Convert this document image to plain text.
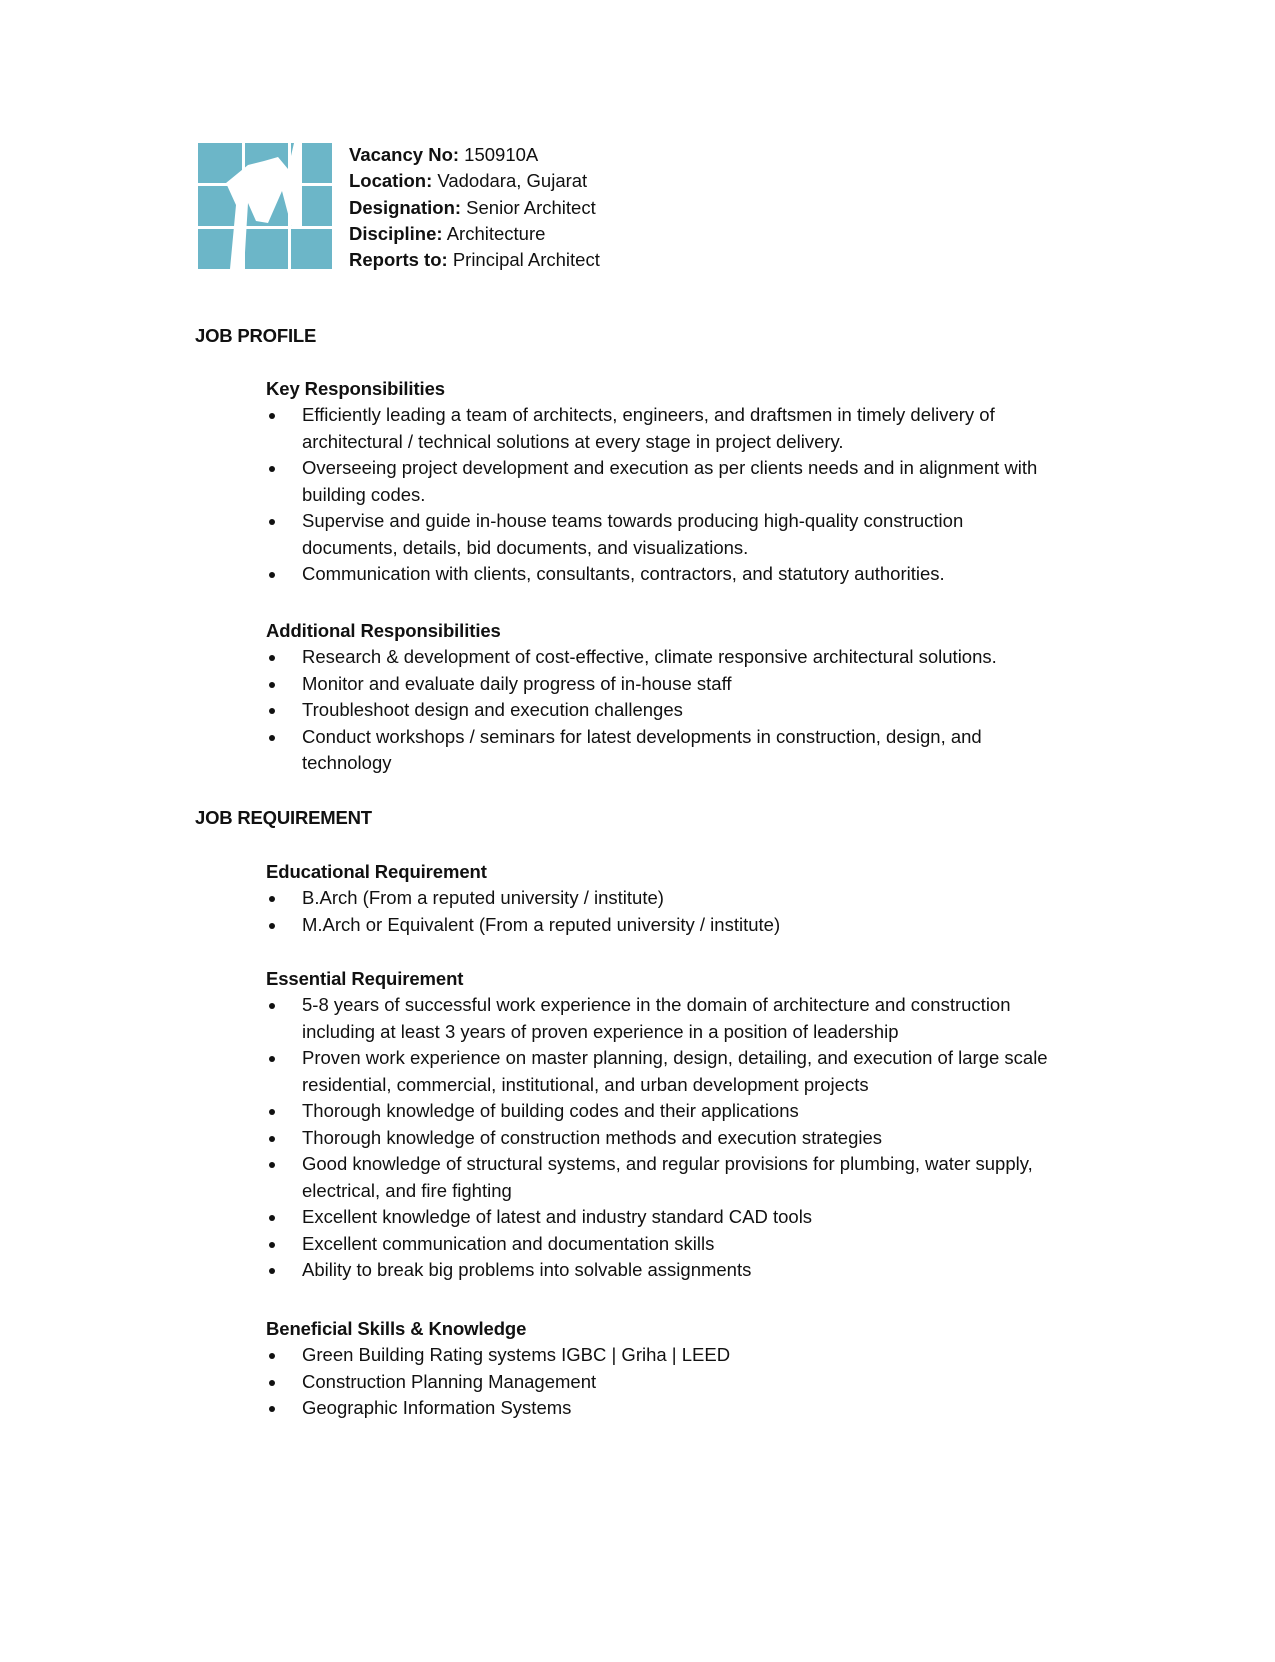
Vacancy No: 150910A
Location: Vadodara, Gujarat
Designation: Senior Architect
Discipline: Architecture
Reports to: Principal Architect
JOB PROFILE
Key Responsibilities
Efficiently leading a team of architects, engineers, and draftsmen in timely delivery of architectural / technical solutions at every stage in project delivery.
Overseeing project development and execution as per clients needs and in alignment with building codes.
Supervise and guide in-house teams towards producing high-quality construction documents, details, bid documents, and visualizations.
Communication with clients, consultants, contractors, and statutory authorities.
Additional Responsibilities
Research & development of cost-effective, climate responsive architectural solutions.
Monitor and evaluate daily progress of in-house staff
Troubleshoot design and execution challenges
Conduct workshops / seminars for latest developments in construction, design, and technology
JOB REQUIREMENT
Educational Requirement
B.Arch (From a reputed university / institute)
M.Arch or Equivalent (From a reputed university / institute)
Essential Requirement
5-8 years of successful work experience in the domain of architecture and construction including at least 3 years of proven experience in a position of leadership
Proven work experience on master planning, design, detailing, and execution of large scale residential, commercial, institutional, and urban development projects
Thorough knowledge of building codes and their applications
Thorough knowledge of construction methods and execution strategies
Good knowledge of structural systems, and regular provisions for plumbing, water supply, electrical, and fire fighting
Excellent knowledge of latest and industry standard CAD tools
Excellent communication and documentation skills
Ability to break big problems into solvable assignments
Beneficial Skills & Knowledge
Green Building Rating systems IGBC | Griha | LEED
Construction Planning Management
Geographic Information Systems
